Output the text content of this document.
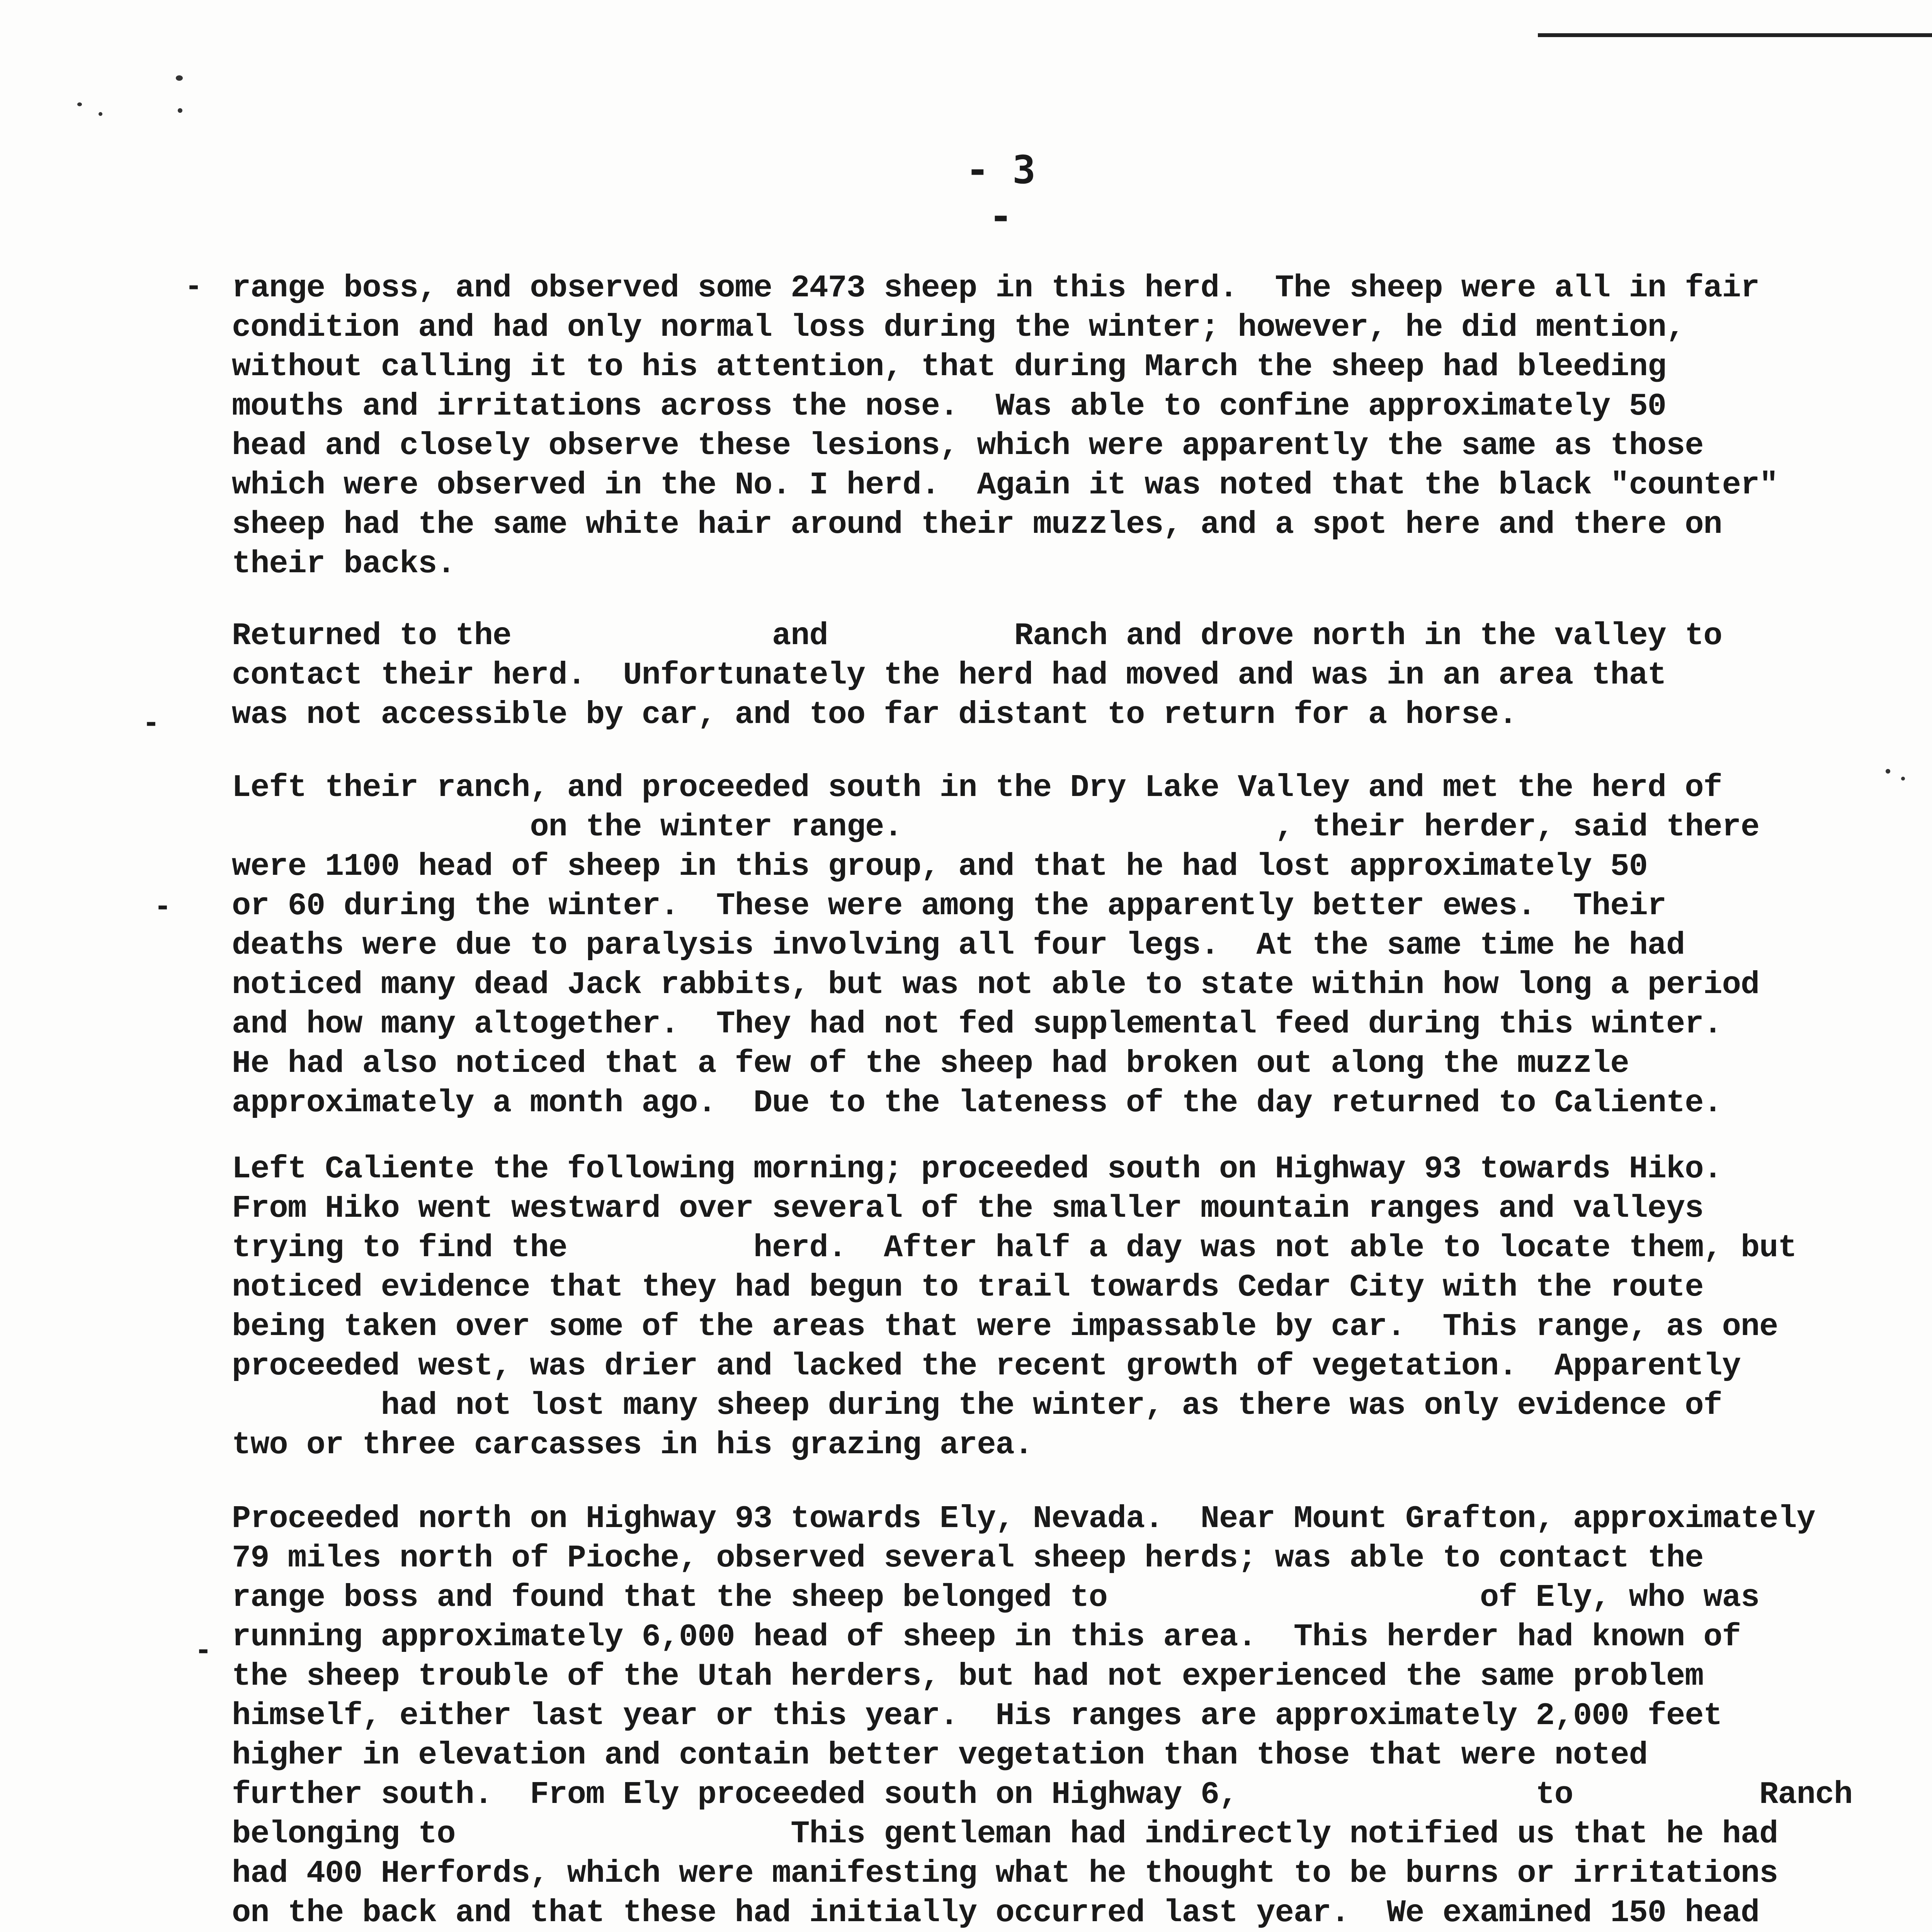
- 3 -

-
-
-
-

range boss, and observed some 2473 sheep in this herd.  The sheep were all in fair
condition and had only normal loss during the winter; however, he did mention,
without calling it to his attention, that during March the sheep had bleeding
mouths and irritations across the nose.  Was able to confine approximately 50
head and closely observe these lesions, which were apparently the same as those
which were observed in the No. I herd.  Again it was noted that the black "counter"
sheep had the same white hair around their muzzles, and a spot here and there on
their backs.

Returned to the              and          Ranch and drove north in the valley to
contact their herd.  Unfortunately the herd had moved and was in an area that
was not accessible by car, and too far distant to return for a horse.

Left their ranch, and proceeded south in the Dry Lake Valley and met the herd of
on the winter range.                    , their herder, said there
were 1100 head of sheep in this group, and that he had lost approximately 50
or 60 during the winter.  These were among the apparently better ewes.  Their
deaths were due to paralysis involving all four legs.  At the same time he had
noticed many dead Jack rabbits, but was not able to state within how long a period
and how many altogether.  They had not fed supplemental feed during this winter.
He had also noticed that a few of the sheep had broken out along the muzzle
approximately a month ago.  Due to the lateness of the day returned to Caliente.

Left Caliente the following morning; proceeded south on Highway 93 towards Hiko.
From Hiko went westward over several of the smaller mountain ranges and valleys
trying to find the          herd.  After half a day was not able to locate them, but
noticed evidence that they had begun to trail towards Cedar City with the route
being taken over some of the areas that were impassable by car.  This range, as one
proceeded west, was drier and lacked the recent growth of vegetation.  Apparently
had not lost many sheep during the winter, as there was only evidence of
two or three carcasses in his grazing area.

Proceeded north on Highway 93 towards Ely, Nevada.  Near Mount Grafton, approximately
79 miles north of Pioche, observed several sheep herds; was able to contact the
range boss and found that the sheep belonged to                    of Ely, who was
running approximately 6,000 head of sheep in this area.  This herder had known of
the sheep trouble of the Utah herders, but had not experienced the same problem
himself, either last year or this year.  His ranges are approximately 2,000 feet
higher in elevation and contain better vegetation than those that were noted
further south.  From Ely proceeded south on Highway 6,                to          Ranch
belonging to                  This gentleman had indirectly notified us that he had
had 400 Herfords, which were manifesting what he thought to be burns or irritations
on the back and that these had initially occurred last year.  We examined 150 head
